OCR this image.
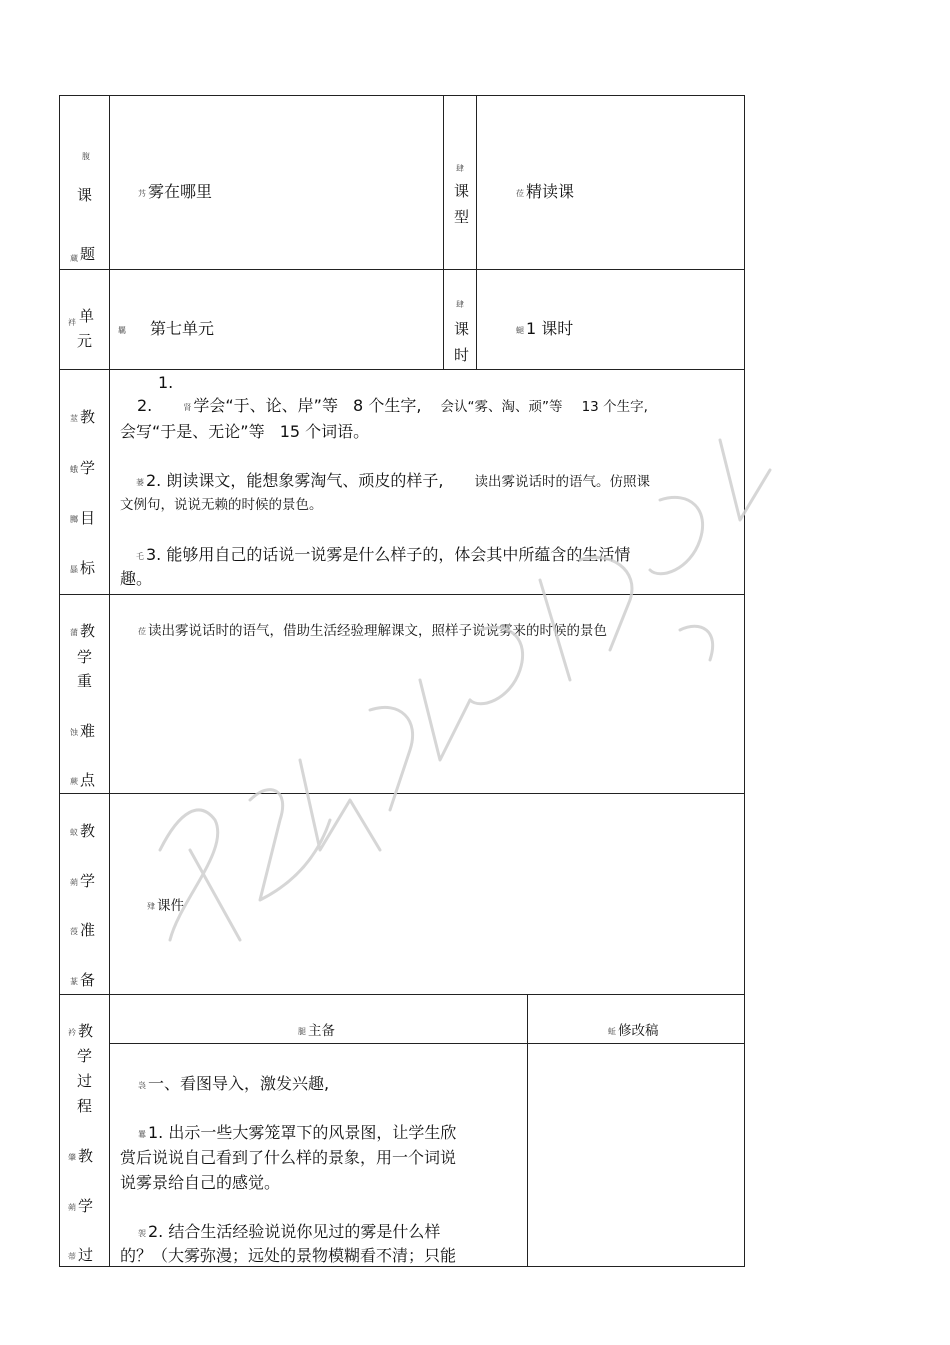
腹
课
蔵 题
艿 雾在哪里
肆
课
型
莅 精读课
袢 单
元
羈 第七单元
肆
课
时
螁 1 课时
莁 教
蛾 学
膷 目
螶 标
1.
2.	肾 学会“于、论、岸”等 8 个生字, 会认“雾、淘、顽”等 13 个生字,
会写“于是、无论”等 15 个词语。
蒌 2. 朗读课文，能想象雾淘气、顽皮的样子, 读出雾说话时的语气。仿照课
文例句，说说无赖的时候的景色。
乇 3. 能够用自己的话说一说雾是什么样子的，体会其中所蕴含的生活情
趣。
蒲 教
学
重
蚀 难
蕨 点
莅 读出雾说话时的语气，借助生活经验理解课文，照样子说说雾来的时候的景色
蚁 教
蒴 学
莈 准
蒃 备
肂 课件
衿 教
学
过
程
肇 教
蒴 学
蒂 过
腿 主备	蚯 修改稿
袅 一、看图导入，激发兴趣,
羃 1. 出示一些大雾笼罩下的风景图，让学生欣
赏后说说自己看到了什么样的景象，用一个词说
说雾景给自己的感觉。
袈 2. 结合生活经验说说你见过的雾是什么样
的？（大雾弥漫；远处的景物模糊看不清；只能
